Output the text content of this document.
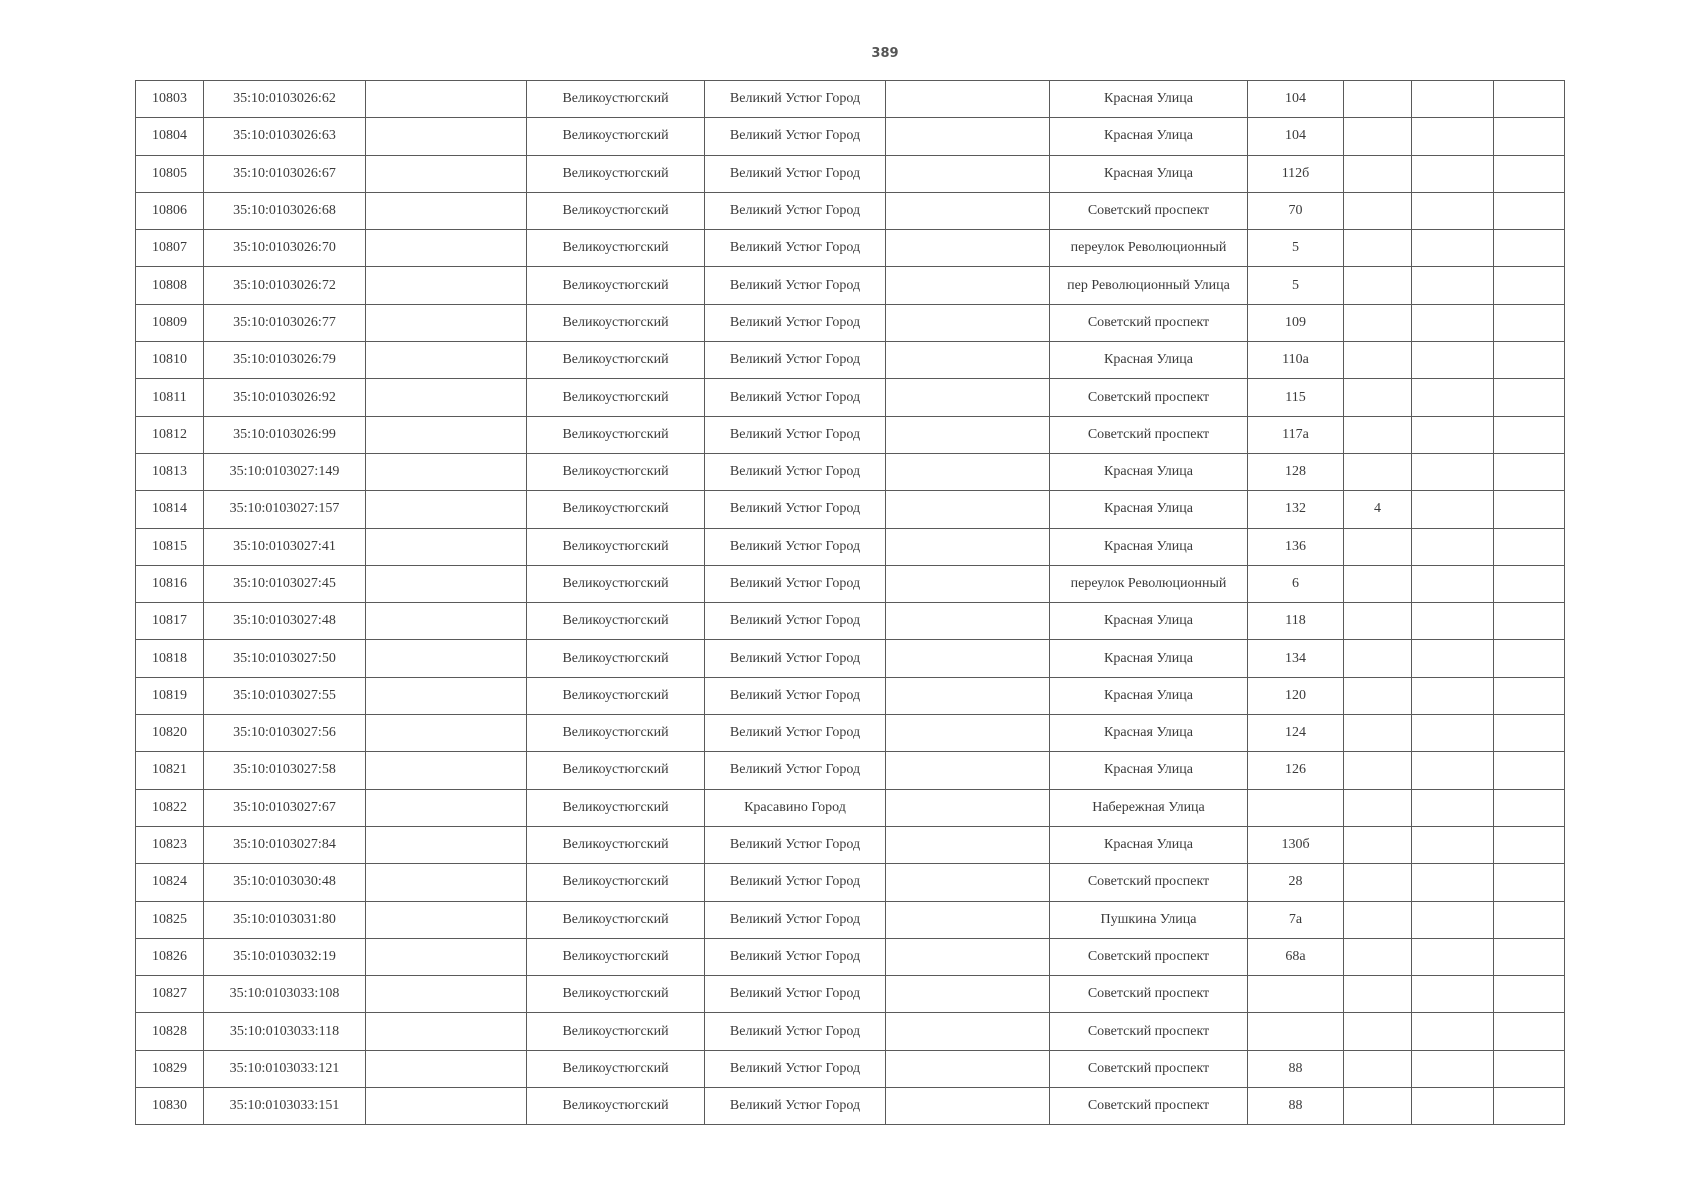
389
10803	35:10:0103026:62		Великоустюгский	Великий Устюг Город		Красная Улица	104			
10804	35:10:0103026:63		Великоустюгский	Великий Устюг Город		Красная Улица	104			
10805	35:10:0103026:67		Великоустюгский	Великий Устюг Город		Красная Улица	112б			
10806	35:10:0103026:68		Великоустюгский	Великий Устюг Город		Советский проспект	70			
10807	35:10:0103026:70		Великоустюгский	Великий Устюг Город		переулок Революционный	5			
10808	35:10:0103026:72		Великоустюгский	Великий Устюг Город		пер Революционный Улица	5			
10809	35:10:0103026:77		Великоустюгский	Великий Устюг Город		Советский проспект	109			
10810	35:10:0103026:79		Великоустюгский	Великий Устюг Город		Красная Улица	110а			
10811	35:10:0103026:92		Великоустюгский	Великий Устюг Город		Советский проспект	115			
10812	35:10:0103026:99		Великоустюгский	Великий Устюг Город		Советский проспект	117а			
10813	35:10:0103027:149		Великоустюгский	Великий Устюг Город		Красная Улица	128			
10814	35:10:0103027:157		Великоустюгский	Великий Устюг Город		Красная Улица	132	4		
10815	35:10:0103027:41		Великоустюгский	Великий Устюг Город		Красная Улица	136			
10816	35:10:0103027:45		Великоустюгский	Великий Устюг Город		переулок Революционный	6			
10817	35:10:0103027:48		Великоустюгский	Великий Устюг Город		Красная Улица	118			
10818	35:10:0103027:50		Великоустюгский	Великий Устюг Город		Красная Улица	134			
10819	35:10:0103027:55		Великоустюгский	Великий Устюг Город		Красная Улица	120			
10820	35:10:0103027:56		Великоустюгский	Великий Устюг Город		Красная Улица	124			
10821	35:10:0103027:58		Великоустюгский	Великий Устюг Город		Красная Улица	126			
10822	35:10:0103027:67		Великоустюгский	Красавино Город		Набережная Улица				
10823	35:10:0103027:84		Великоустюгский	Великий Устюг Город		Красная Улица	130б			
10824	35:10:0103030:48		Великоустюгский	Великий Устюг Город		Советский проспект	28			
10825	35:10:0103031:80		Великоустюгский	Великий Устюг Город		Пушкина Улица	7а			
10826	35:10:0103032:19		Великоустюгский	Великий Устюг Город		Советский проспект	68а			
10827	35:10:0103033:108		Великоустюгский	Великий Устюг Город		Советский проспект				
10828	35:10:0103033:118		Великоустюгский	Великий Устюг Город		Советский проспект				
10829	35:10:0103033:121		Великоустюгский	Великий Устюг Город		Советский проспект	88			
10830	35:10:0103033:151		Великоустюгский	Великий Устюг Город		Советский проспект	88			
